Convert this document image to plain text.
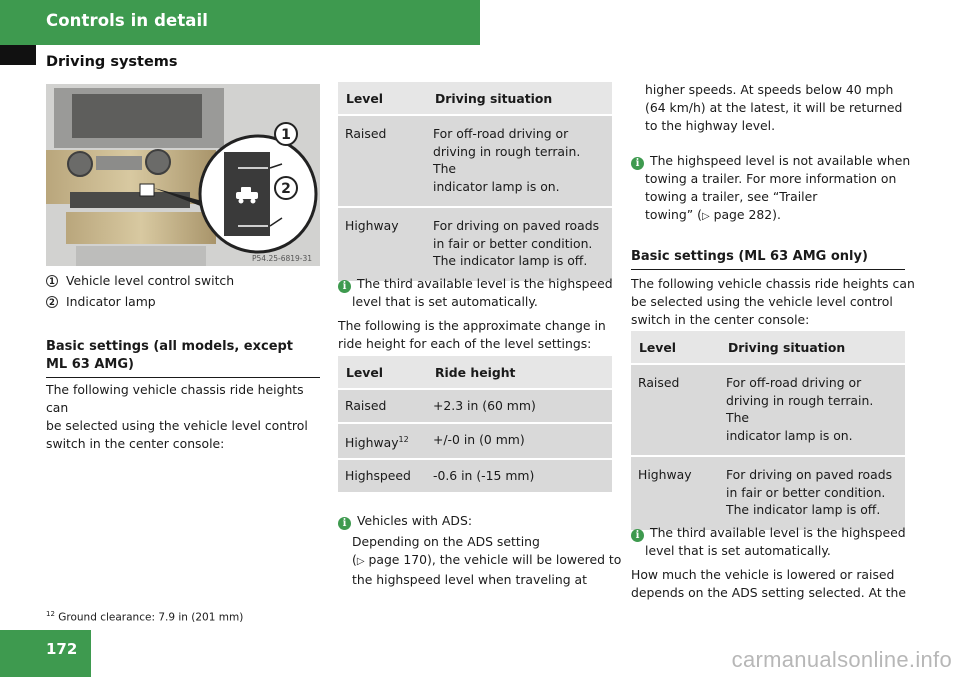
Controls in detail
Driving systems
1
2
P54.25-6819-31
1 Vehicle level control switch
2 Indicator lamp
Basic settings (all models, except
ML 63 AMG)

The following vehicle chassis ride heights can

be selected using the vehicle level control

switch in the center console:

Level	Driving situation
Raised	For off-road driving or
driving in rough terrain. The
indicator lamp is on.

Highway	For driving on paved roads
in fair or better condition.
The indicator lamp is off.
i The third available level is the highspeed
level that is set automatically.

The following is the approximate change in

ride height for each of the level settings:

Level	Ride height
Raised	+2.3 in (60 mm)
Highway$^{12}$	+/-0 in (0 mm)
Highspeed	-0.6 in (-15 mm)
i Vehicles with ADS:
Depending on the ADS setting
(▷ page 170), the vehicle will be lowered to
the highspeed level when traveling at

higher speeds. At speeds below 40 mph

(64 km/h) at the latest, it will be returned

to the highway level.

i The highspeed level is not available when
towing a trailer. For more information on
towing a trailer, see “Trailer
towing” (▷ page 282).
Basic settings (ML 63 AMG only)

The following vehicle chassis ride heights can

be selected using the vehicle level control

switch in the center console:

Level	Driving situation
Raised	For off-road driving or
driving in rough terrain. The
indicator lamp is on.

Highway	For driving on paved roads
in fair or better condition.
The indicator lamp is off.
i The third available level is the highspeed
level that is set automatically.

How much the vehicle is lowered or raised

depends on the ADS setting selected. At the

$^{12}$ Ground clearance: 7.9 in (201 mm)
172	carmanualsonline.info
